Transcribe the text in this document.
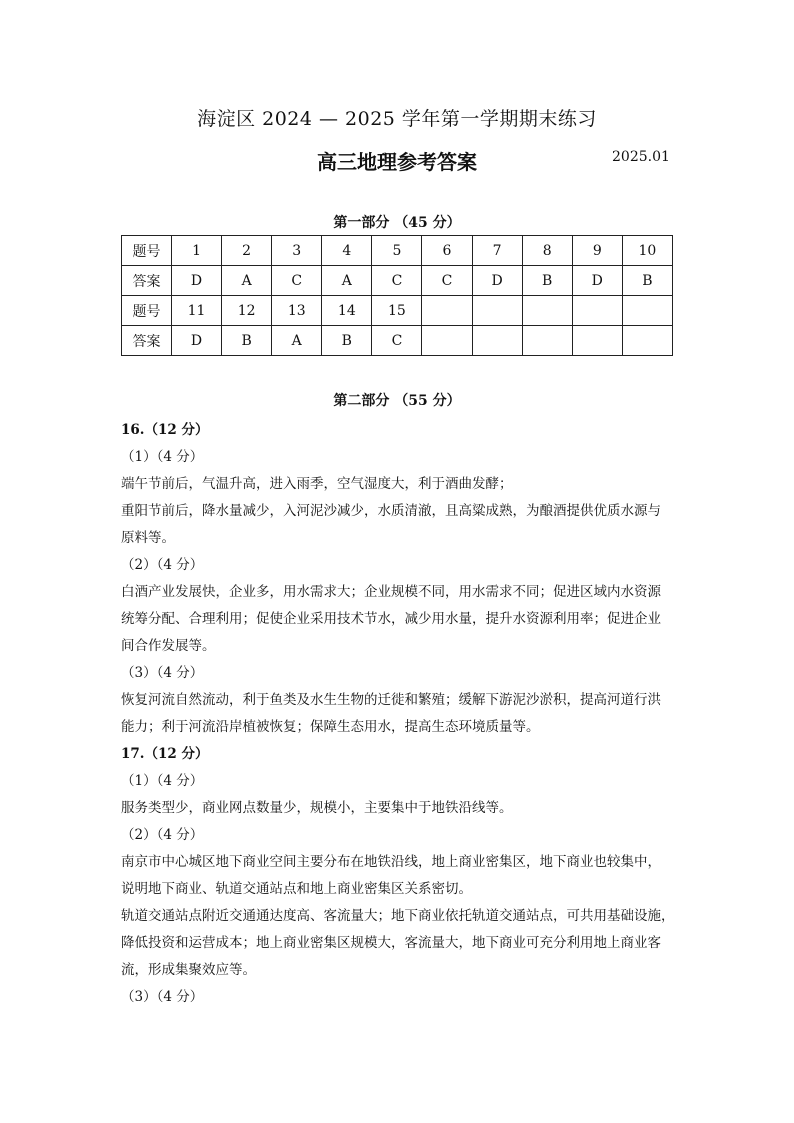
海淀区 2024 — 2025 学年第一学期期末练习
高三地理参考答案	2025.01
第一部分 （45 分）
题号	1	2	3	4	5	6	7	8	9	10
答案	D	A	C	A	C	C	D	B	D	B
题号	11	12	13	14	15					
答案	D	B	A	B	C					
第二部分 （55 分）

16.（12 分）

（1）（4 分）

端午节前后，气温升高，进入雨季，空气湿度大，利于酒曲发酵；

重阳节前后，降水量减少，入河泥沙减少，水质清澈，且高粱成熟，为酿酒提供优质水源与

原料等。

（2）（4 分）

白酒产业发展快，企业多，用水需求大；企业规模不同，用水需求不同；促进区域内水资源

统筹分配、合理利用；促使企业采用技术节水，减少用水量，提升水资源利用率；促进企业

间合作发展等。

（3）（4 分）

恢复河流自然流动，利于鱼类及水生生物的迁徙和繁殖；缓解下游泥沙淤积，提高河道行洪

能力；利于河流沿岸植被恢复；保障生态用水，提高生态环境质量等。

17.（12 分）

（1）（4 分）

服务类型少，商业网点数量少，规模小，主要集中于地铁沿线等。

（2）（4 分）

南京市中心城区地下商业空间主要分布在地铁沿线，地上商业密集区，地下商业也较集中，

说明地下商业、轨道交通站点和地上商业密集区关系密切。

轨道交通站点附近交通通达度高、客流量大；地下商业依托轨道交通站点，可共用基础设施，

降低投资和运营成本；地上商业密集区规模大，客流量大，地下商业可充分利用地上商业客

流，形成集聚效应等。

（3）（4 分）
